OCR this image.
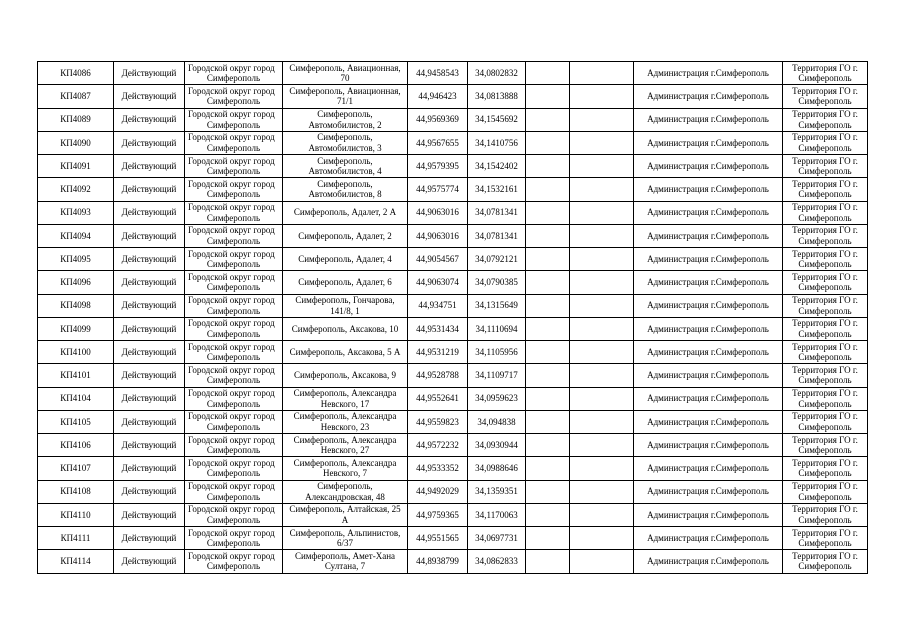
КП4086	Действующий	Городской округ город
Симферополь	Симферополь, Авиационная,
70	44,9458543	34,0802832			Администрация г.Симферополь	Территория ГО г.
Симферополь

КП4087	Действующий	Городской округ город
Симферополь	Симферополь, Авиационная,
71/1	44,946423	34,0813888			Администрация г.Симферополь	Территория ГО г.
Симферополь

КП4089	Действующий	Городской округ город
Симферополь	Симферополь,
Автомобилистов, 2	44,9569369	34,1545692			Администрация г.Симферополь	Территория ГО г.
Симферополь

КП4090	Действующий	Городской округ город
Симферополь	Симферополь,
Автомобилистов, 3	44,9567655	34,1410756			Администрация г.Симферополь	Территория ГО г.
Симферополь

КП4091	Действующий	Городской округ город
Симферополь	Симферополь,
Автомобилистов, 4	44,9579395	34,1542402			Администрация г.Симферополь	Территория ГО г.
Симферополь

КП4092	Действующий	Городской округ город
Симферополь	Симферополь,
Автомобилистов, 8	44,9575774	34,1532161			Администрация г.Симферополь	Территория ГО г.
Симферополь

КП4093	Действующий	Городской округ город
Симферополь	Симферополь, Адалет, 2 А	44,9063016	34,0781341			Администрация г.Симферополь	Территория ГО г.
Симферополь

КП4094	Действующий	Городской округ город
Симферополь	Симферополь, Адалет, 2	44,9063016	34,0781341			Администрация г.Симферополь	Территория ГО г.
Симферополь

КП4095	Действующий	Городской округ город
Симферополь	Симферополь, Адалет, 4	44,9054567	34,0792121			Администрация г.Симферополь	Территория ГО г.
Симферополь

КП4096	Действующий	Городской округ город
Симферополь	Симферополь, Адалет, 6	44,9063074	34,0790385			Администрация г.Симферополь	Территория ГО г.
Симферополь

КП4098	Действующий	Городской округ город
Симферополь	Симферополь, Гончарова,
141/8, 1	44,934751	34,1315649			Администрация г.Симферополь	Территория ГО г.
Симферополь

КП4099	Действующий	Городской округ город
Симферополь	Симферополь, Аксакова, 10	44,9531434	34,1110694			Администрация г.Симферополь	Территория ГО г.
Симферополь

КП4100	Действующий	Городской округ город
Симферополь	Симферополь, Аксакова, 5 А	44,9531219	34,1105956			Администрация г.Симферополь	Территория ГО г.
Симферополь

КП4101	Действующий	Городской округ город
Симферополь	Симферополь, Аксакова, 9	44,9528788	34,1109717			Администрация г.Симферополь	Территория ГО г.
Симферополь

КП4104	Действующий	Городской округ город
Симферополь	Симферополь, Александра
Невского, 17	44,9552641	34,0959623			Администрация г.Симферополь	Территория ГО г.
Симферополь

КП4105	Действующий	Городской округ город
Симферополь	Симферополь, Александра
Невского, 23	44,9559823	34,094838			Администрация г.Симферополь	Территория ГО г.
Симферополь

КП4106	Действующий	Городской округ город
Симферополь	Симферополь, Александра
Невского, 27	44,9572232	34,0930944			Администрация г.Симферополь	Территория ГО г.
Симферополь

КП4107	Действующий	Городской округ город
Симферополь	Симферополь, Александра
Невского, 7	44,9533352	34,0988646			Администрация г.Симферополь	Территория ГО г.
Симферополь

КП4108	Действующий	Городской округ город
Симферополь	Симферополь,
Александровская, 48	44,9492029	34,1359351			Администрация г.Симферополь	Территория ГО г.
Симферополь

КП4110	Действующий	Городской округ город
Симферополь	Симферополь, Алтайская, 25
А	44,9759365	34,1170063			Администрация г.Симферополь	Территория ГО г.
Симферополь

КП4111	Действующий	Городской округ город
Симферополь	Симферополь, Альпинистов,
6/37	44,9551565	34,0697731			Администрация г.Симферополь	Территория ГО г.
Симферополь

КП4114	Действующий	Городской округ город
Симферополь	Симферополь, Амет-Хана
Султана, 7	44,8938799	34,0862833			Администрация г.Симферополь	Территория ГО г.
Симферополь
